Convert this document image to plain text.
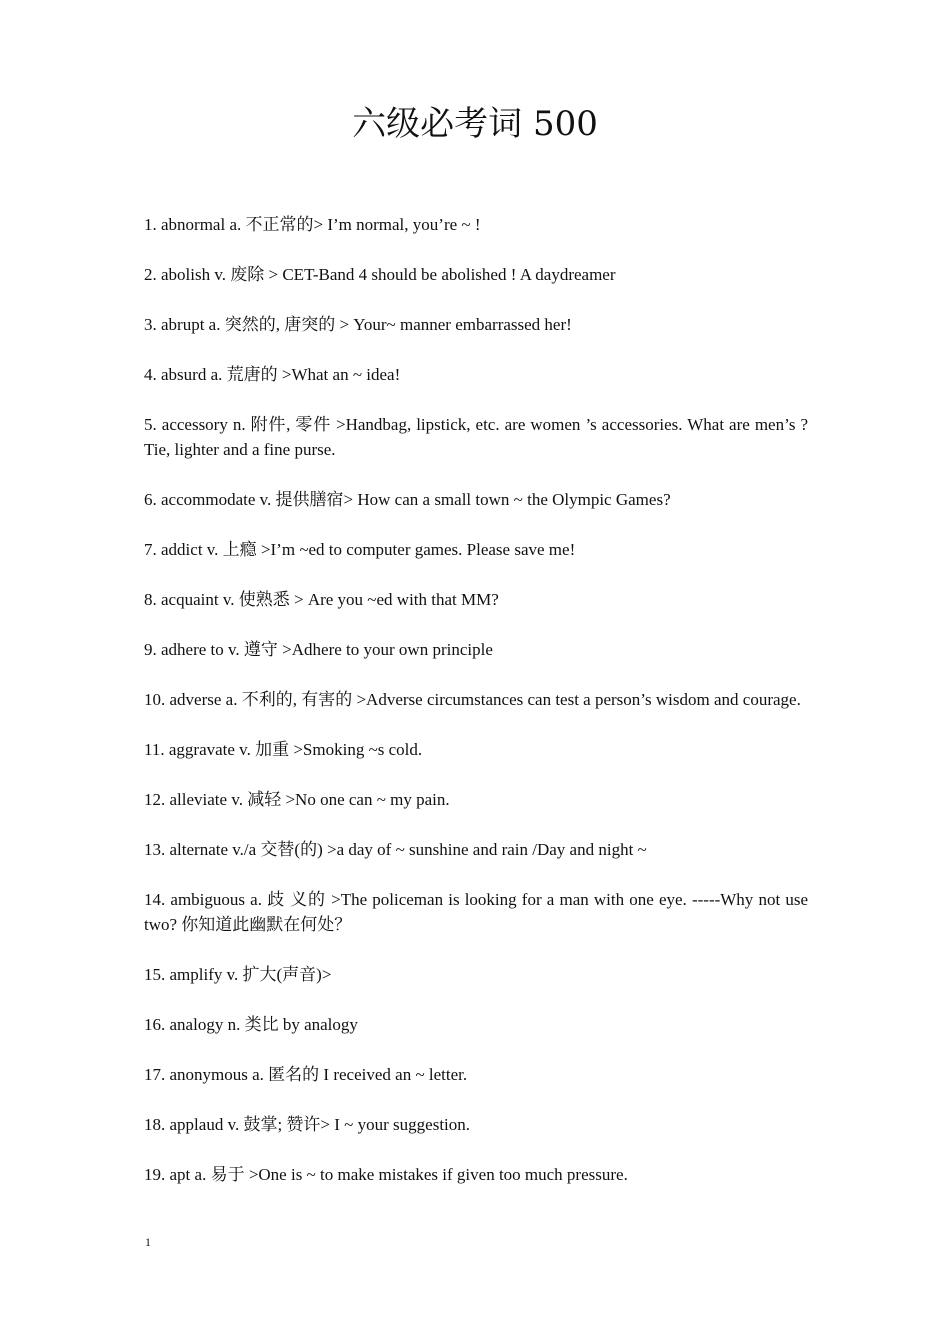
六级必考词 500
1. abnormal a. 不正常的> I’m normal, you’re ~ !
2. abolish v. 废除 > CET-Band 4 should be abolished ! A daydreamer
3. abrupt a. 突然的, 唐突的 > Your~ manner embarrassed her!
4. absurd a. 荒唐的 >What an ~ idea!
5. accessory n. 附件, 零件 >Handbag, lipstick, etc. are women ’s accessories. What are men’s ? Tie, lighter and a fine purse.
6. accommodate v. 提供膳宿> How can a small town ~ the Olympic Games?
7. addict v. 上瘾 >I’m ~ed to computer games. Please save me!
8. acquaint v. 使熟悉 > Are you ~ed with that MM?
9. adhere to v. 遵守 >Adhere to your own principle
10. adverse a. 不利的, 有害的 >Adverse circumstances can test a person’s wisdom and courage.
11. aggravate v. 加重 >Smoking ~s cold.
12. alleviate v. 减轻 >No one can ~ my pain.
13. alternate v./a 交替(的) >a day of ~ sunshine and rain /Day and night ~
14. ambiguous a. 歧 义的 >The policeman is looking for a man with one eye. -----Why not use two? 你知道此幽默在何处？
15. amplify v. 扩大(声音)>
16. analogy n. 类比 by analogy
17. anonymous a. 匿名的 I received an ~ letter.
18. applaud v. 鼓掌; 赞许> I ~ your suggestion.
19. apt a. 易于 >One is ~ to make mistakes if given too much pressure.
1
